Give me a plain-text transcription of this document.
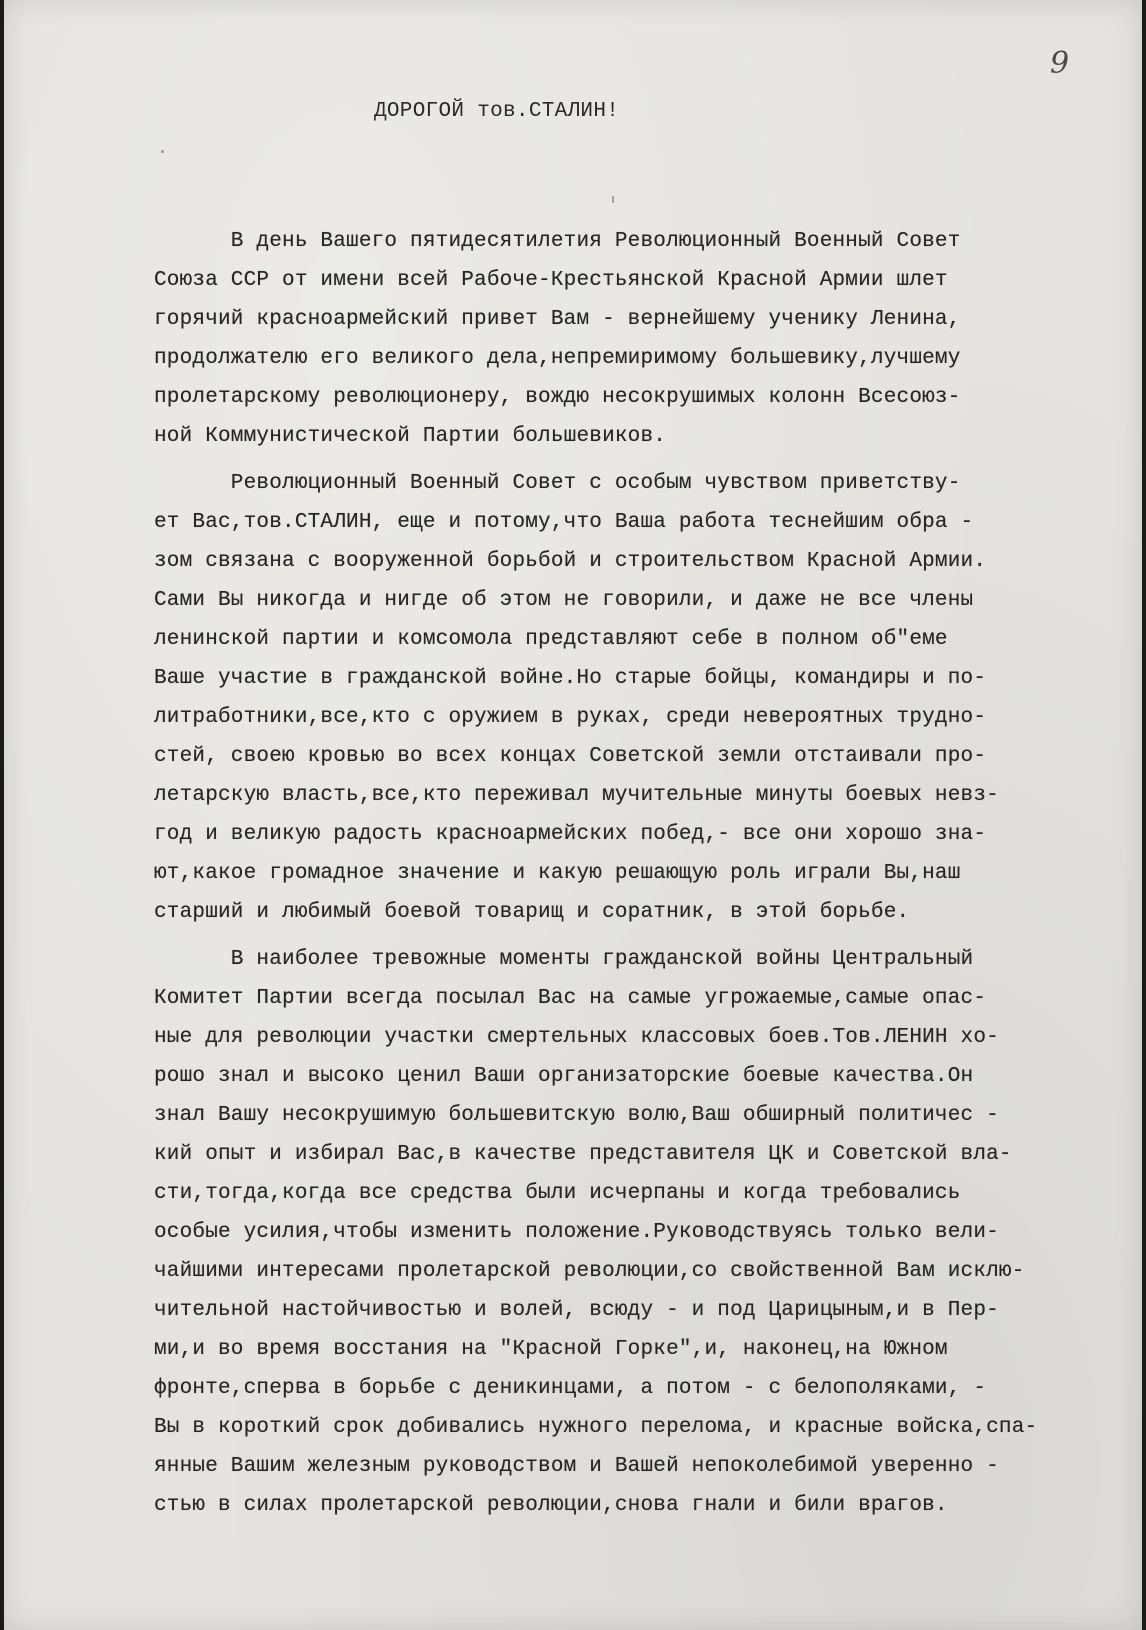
9
ДОРОГОЙ тов.СТАЛИН!
В день Вашего пятидесятилетия Революционный Военный Совет
Союза ССР от имени всей Рабоче-Крестьянской Красной Армии шлет
горячий красноармейский привет Вам - вернейшему ученику Ленина,
продолжателю его великого дела,непремиримому большевику,лучшему
пролетарскому революционеру, вождю несокрушимых колонн Всесоюз-
ной Коммунистической Партии большевиков.
Революционный Военный Совет с особым чувством приветству-
ет Вас,тов.СТАЛИН, еще и потому,что Ваша работа теснейшим обра -
зом связана с вооруженной борьбой и строительством Красной Армии.
Сами Вы никогда и нигде об этом не говорили, и даже не все члены
ленинской партии и комсомола представляют себе в полном об"еме
Ваше участие в гражданской войне.Но старые бойцы, командиры и по-
литработники,все,кто с оружием в руках, среди невероятных трудно-
стей, своею кровью во всех концах Советской земли отстаивали про-
летарскую власть,все,кто переживал мучительные минуты боевых невз-
год и великую радость красноармейских побед,- все они хорошо зна-
ют,какое громадное значение и какую решающую роль играли Вы,наш
старший и любимый боевой товарищ и соратник, в этой борьбе.
В наиболее тревожные моменты гражданской войны Центральный
Комитет Партии всегда посылал Вас на самые угрожаемые,самые опас-
ные для революции участки смертельных классовых боев.Тов.ЛЕНИН хо-
рошо знал и высоко ценил Ваши организаторские боевые качества.Он
знал Вашу несокрушимую большевитскую волю,Ваш обширный политичес -
кий опыт и избирал Вас,в качестве представителя ЦК и Советской вла-
сти,тогда,когда все средства были исчерпаны и когда требовались
особые усилия,чтобы изменить положение.Руководствуясь только вели-
чайшими интересами пролетарской революции,со свойственной Вам исклю-
чительной настойчивостью и волей, всюду - и под Царицыным,и в Пер-
ми,и во время восстания на "Красной Горке",и, наконец,на Южном
фронте,сперва в борьбе с деникинцами, а потом - с белополяками, -
Вы в короткий срок добивались нужного перелома, и красные войска,спа-
янные Вашим железным руководством и Вашей непоколебимой уверенно -
стью в силах пролетарской революции,снова гнали и били врагов.
